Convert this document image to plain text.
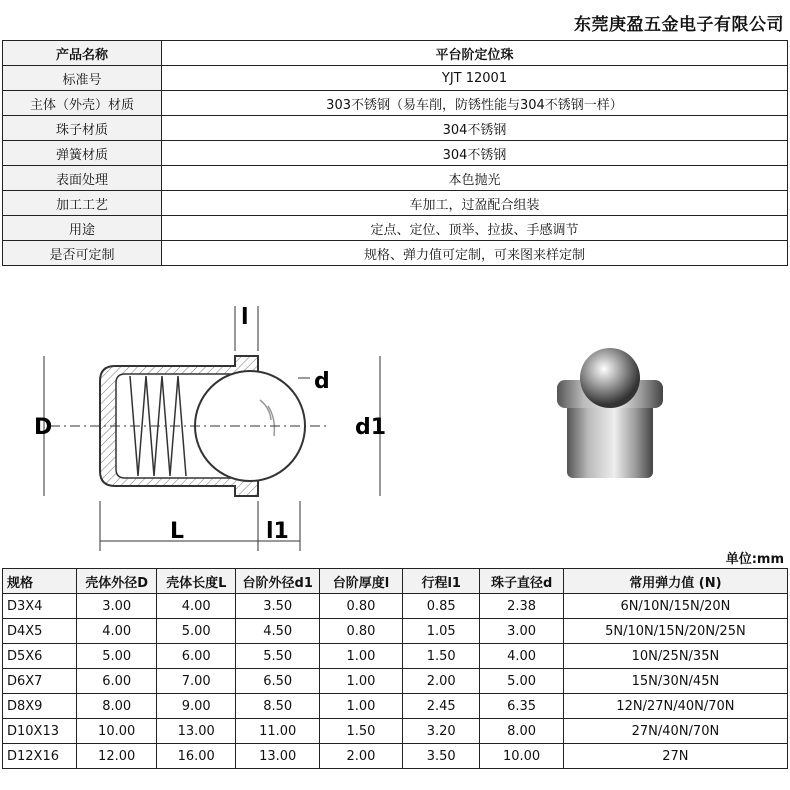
东莞庚盈五金电子有限公司
产品名称	平台阶定位珠
标准号	YJT 12001
主体（外壳）材质	303不锈钢（易车削，防锈性能与304不锈钢一样）
珠子材质	304不锈钢
弹簧材质	304不锈钢
表面处理	本色抛光
加工工艺	车加工，过盈配合组装
用途	定点、定位、顶举、拉拔、手感调节
是否可定制	规格、弹力值可定制，可来图来样定制
l
D
d
d1
L	l1
单位:mm
规格	壳体外径D	壳体长度L	台阶外径d1	台阶厚度l	行程l1	珠子直径d	常用弹力值 (N)
D3X4	3.00	4.00	3.50	0.80	0.85	2.38	6N/10N/15N/20N
D4X5	4.00	5.00	4.50	0.80	1.05	3.00	5N/10N/15N/20N/25N
D5X6	5.00	6.00	5.50	1.00	1.50	4.00	10N/25N/35N
D6X7	6.00	7.00	6.50	1.00	2.00	5.00	15N/30N/45N
D8X9	8.00	9.00	8.50	1.00	2.45	6.35	12N/27N/40N/70N
D10X13	10.00	13.00	11.00	1.50	3.20	8.00	27N/40N/70N
D12X16	12.00	16.00	13.00	2.00	3.50	10.00	27N
